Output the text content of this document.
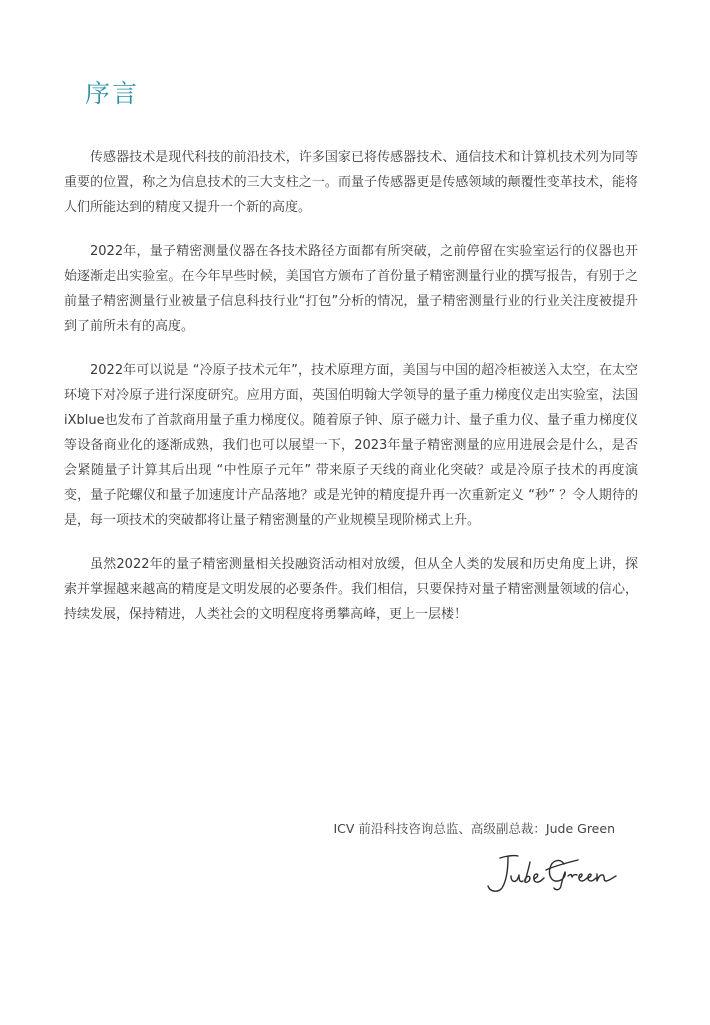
序言

传感器技术是现代科技的前沿技术，许多国家已将传感器技术、通信技术和计算机技术列为同等重要的位置，称之为信息技术的三大支柱之一。而量子传感器更是传感领域的颠覆性变革技术，能将人们所能达到的精度又提升一个新的高度。

2022年，量子精密测量仪器在各技术路径方面都有所突破，之前停留在实验室运行的仪器也开始逐渐走出实验室。在今年早些时候，美国官方颁布了首份量子精密测量行业的撰写报告，有别于之前量子精密测量行业被量子信息科技行业“打包”分析的情况，量子精密测量行业的行业关注度被提升到了前所未有的高度。

2022年可以说是 “冷原子技术元年”，技术原理方面，美国与中国的超冷柜被送入太空，在太空环境下对冷原子进行深度研究。应用方面，英国伯明翰大学领导的量子重力梯度仪走出实验室，法国iXblue也发布了首款商用量子重力梯度仪。随着原子钟、原子磁力计、量子重力仪、量子重力梯度仪等设备商业化的逐渐成熟，我们也可以展望一下，2023年量子精密测量的应用进展会是什么，是否会紧随量子计算其后出现 “中性原子元年” 带来原子天线的商业化突破？或是冷原子技术的再度演变，量子陀螺仪和量子加速度计产品落地？或是光钟的精度提升再一次重新定义 “秒” ？令人期待的是，每一项技术的突破都将让量子精密测量的产业规模呈现阶梯式上升。

虽然2022年的量子精密测量相关投融资活动相对放缓，但从全人类的发展和历史角度上讲，探索并掌握越来越高的精度是文明发展的必要条件。我们相信，只要保持对量子精密测量领域的信心，持续发展，保持精进，人类社会的文明程度将勇攀高峰，更上一层楼！

ICV 前沿科技咨询总监、高级副总裁：Jude Green
